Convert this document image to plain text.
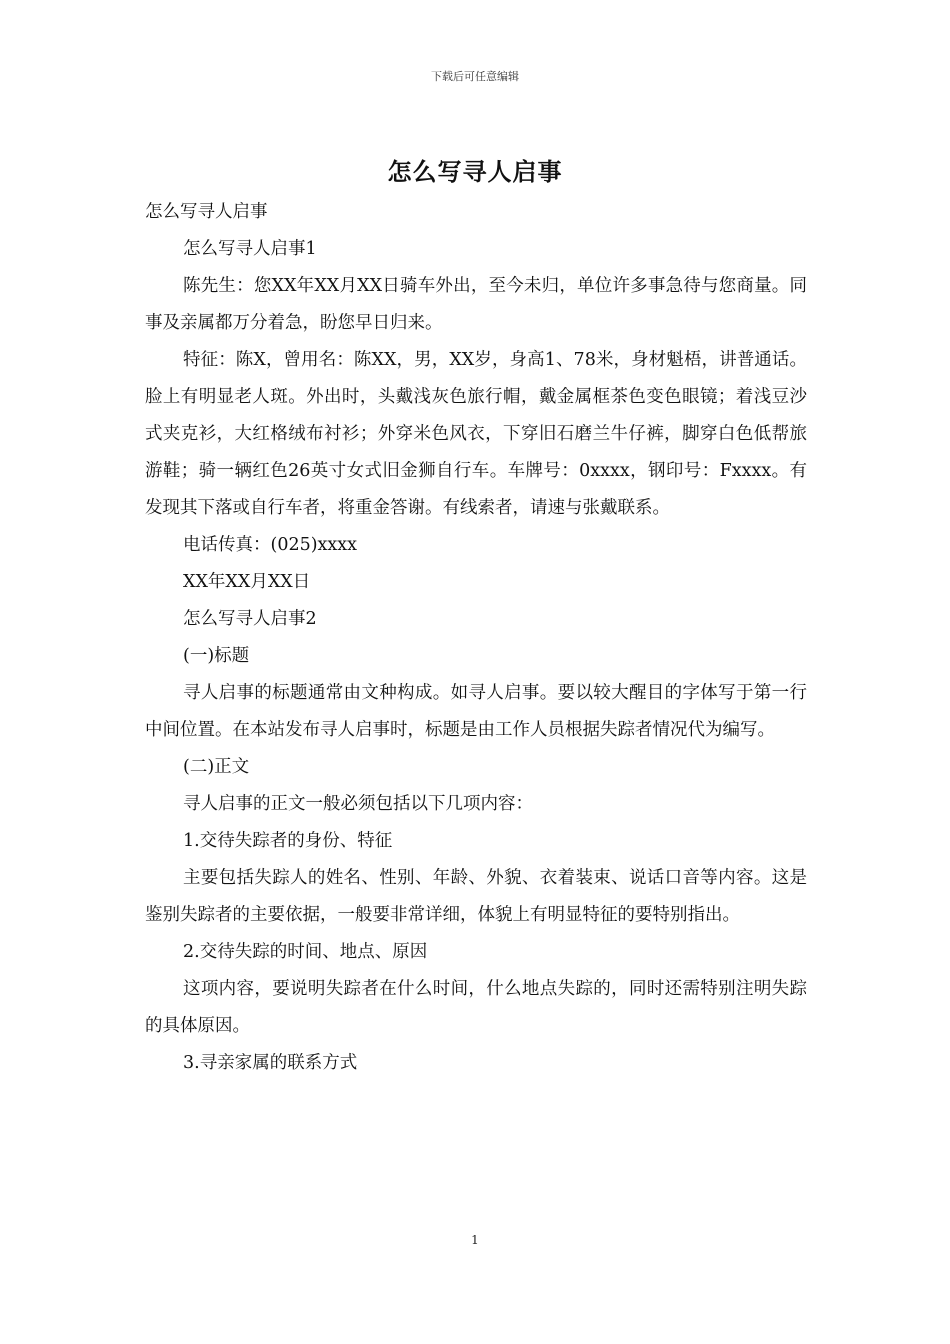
下载后可任意编辑
怎么写寻人启事

怎么写寻人启事

怎么写寻人启事1

陈先生：您XX年XX月XX日骑车外出，至今未归，单位许多事急待与您商量。同事及亲属都万分着急，盼您早日归来。

特征：陈X，曾用名：陈XX，男，XX岁，身高1、78米，身材魁梧，讲普通话。脸上有明显老人斑。外出时，头戴浅灰色旅行帽，戴金属框茶色变色眼镜；着浅豆沙式夹克衫，大红格绒布衬衫；外穿米色风衣，下穿旧石磨兰牛仔裤，脚穿白色低帮旅游鞋；骑一辆红色26英寸女式旧金狮自行车。车牌号：0xxxx，钢印号：Fxxxx。有发现其下落或自行车者，将重金答谢。有线索者，请速与张戴联系。

电话传真：(025)xxxx

XX年XX月XX日

怎么写寻人启事2

(一)标题

寻人启事的标题通常由文种构成。如寻人启事。要以较大醒目的字体写于第一行中间位置。在本站发布寻人启事时，标题是由工作人员根据失踪者情况代为编写。

(二)正文

寻人启事的正文一般必须包括以下几项内容：

1.交待失踪者的身份、特征

主要包括失踪人的姓名、性别、年龄、外貌、衣着装束、说话口音等内容。这是鉴别失踪者的主要依据，一般要非常详细，体貌上有明显特征的要特别指出。

2.交待失踪的时间、地点、原因

这项内容，要说明失踪者在什么时间，什么地点失踪的，同时还需特别注明失踪的具体原因。

3.寻亲家属的联系方式

1
